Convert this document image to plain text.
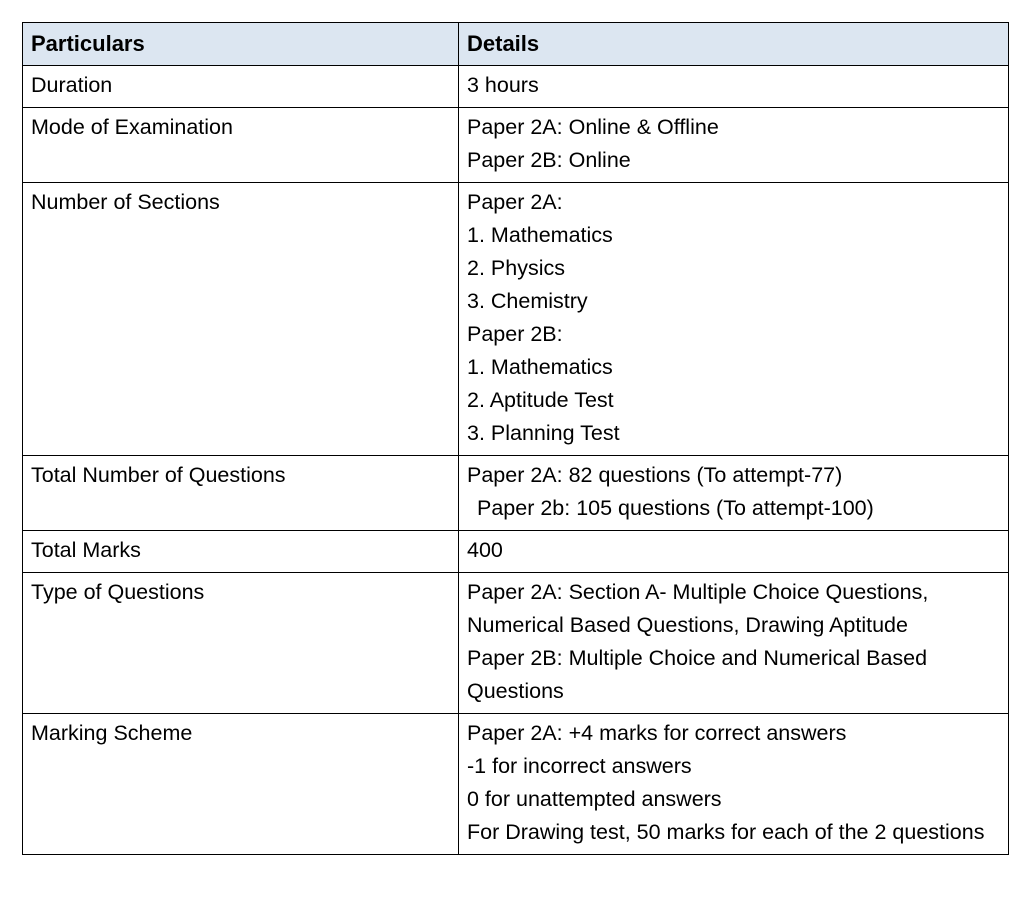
Particulars	Details
Duration	3 hours

Mode of Examination	Paper 2A: Online & Offline
Paper 2B: Online

Number of Sections	Paper 2A:
1. Mathematics
2. Physics
3. Chemistry
Paper 2B:
1. Mathematics
2. Aptitude Test
3. Planning Test

Total Number of Questions	Paper 2A: 82 questions (To attempt-77)
Paper 2b: 105 questions (To attempt-100)

Total Marks	400

Type of Questions	Paper 2A: Section A- Multiple Choice Questions, Numerical Based Questions, Drawing Aptitude
Paper 2B: Multiple Choice and Numerical Based Questions

Marking Scheme	Paper 2A: +4 marks for correct answers
-1 for incorrect answers
0 for unattempted answers
For Drawing test, 50 marks for each of the 2 questions
